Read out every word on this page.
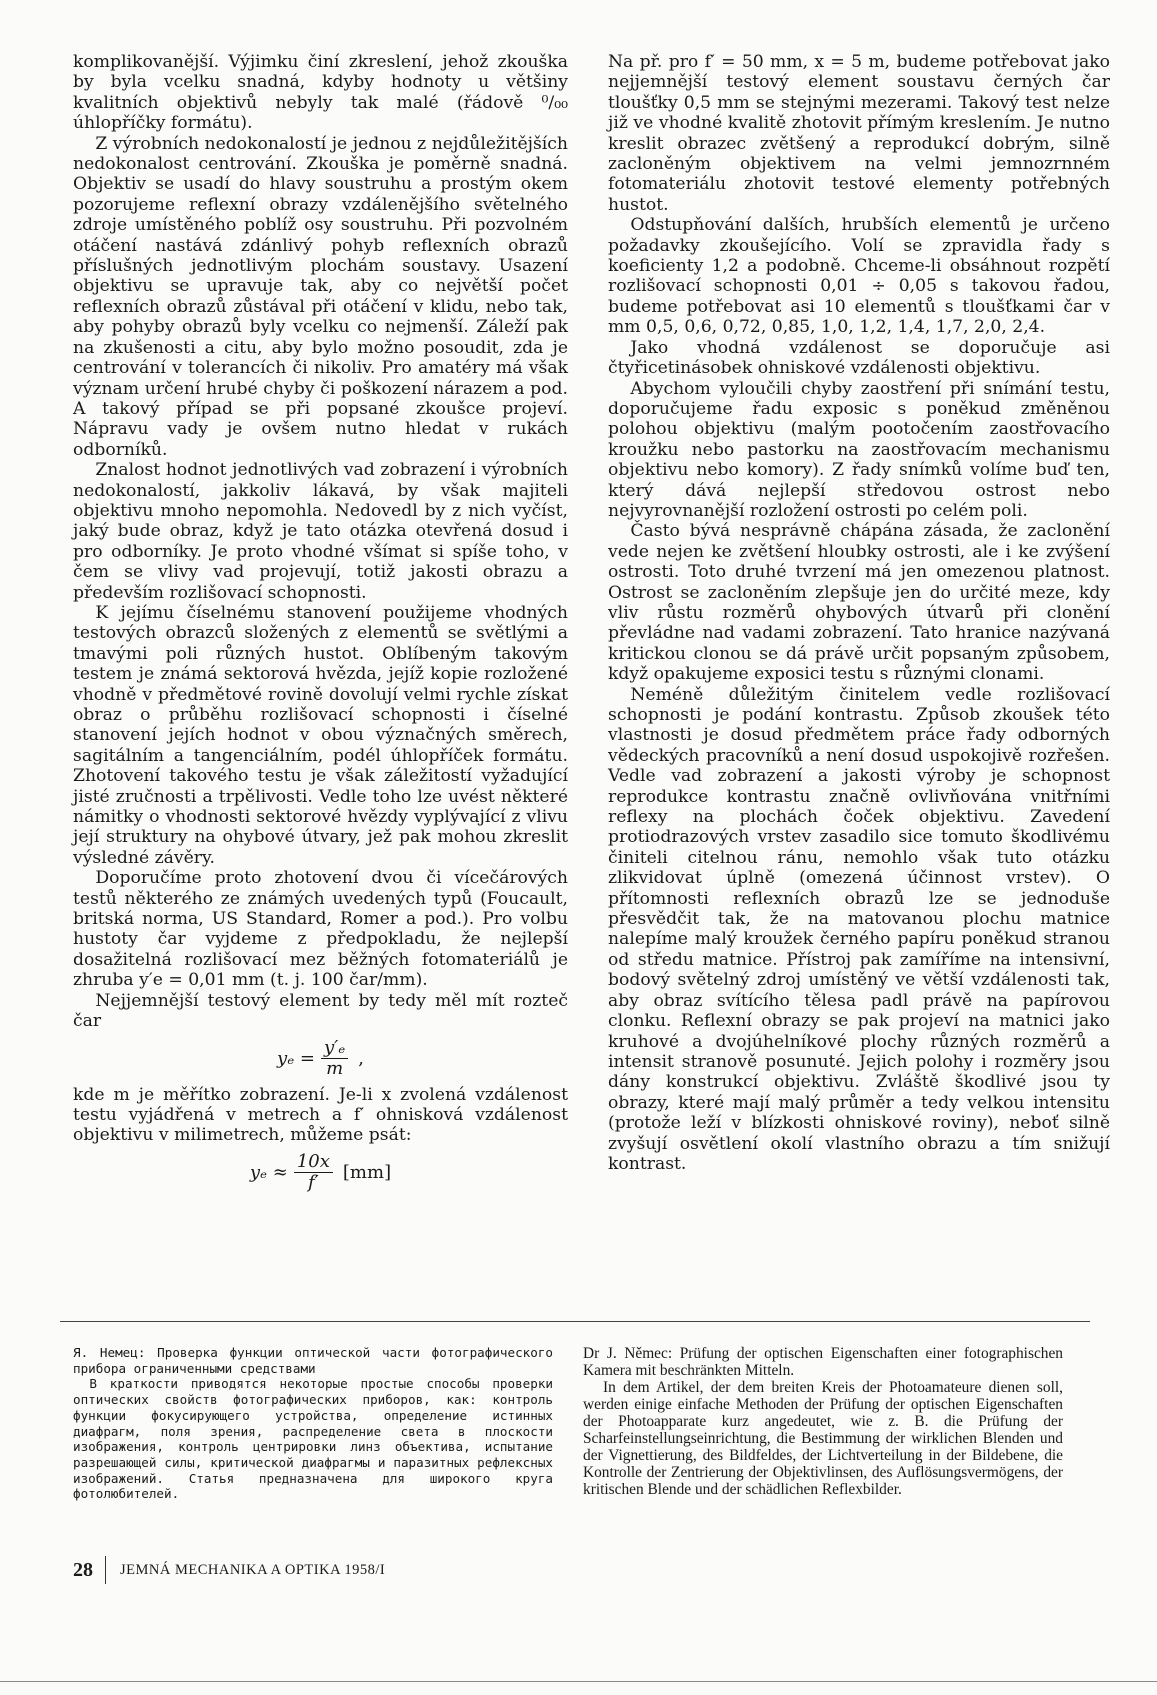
komplikovanější. Výjimku činí zkreslení, jehož zkouška by byla vcelku snadná, kdyby hodnoty u většiny kvalitních objektivů nebyly tak malé (řádově ⁰/₀₀ úhlopříčky formátu).

Z výrobních nedokonalostí je jednou z nejdůležitějších nedokonalost centrování. Zkouška je poměrně snadná. Objektiv se usadí do hlavy soustruhu a prostým okem pozorujeme reflexní obrazy vzdálenějšího světelného zdroje umístěného poblíž osy soustruhu. Při pozvolném otáčení nastává zdánlivý pohyb reflexních obrazů příslušných jednotlivým plochám soustavy. Usazení objektivu se upravuje tak, aby co největší počet reflexních obrazů zůstával při otáčení v klidu, nebo tak, aby pohyby obrazů byly vcelku co nejmenší. Záleží pak na zkušenosti a citu, aby bylo možno posoudit, zda je centrování v tolerancích či nikoliv. Pro amatéry má však význam určení hrubé chyby či poškození nárazem a pod. A takový případ se při popsané zkoušce projeví. Nápravu vady je ovšem nutno hledat v rukách odborníků.

Znalost hodnot jednotlivých vad zobrazení i výrobních nedokonalostí, jakkoliv lákavá, by však majiteli objektivu mnoho nepomohla. Nedovedl by z nich vyčíst, jaký bude obraz, když je tato otázka otevřená dosud i pro odborníky. Je proto vhodné všímat si spíše toho, v čem se vlivy vad projevují, totiž jakosti obrazu a především rozlišovací schopnosti.

K jejímu číselnému stanovení použijeme vhodných testových obrazců složených z elementů se světlými a tmavými poli různých hustot. Oblíbeným takovým testem je známá sektorová hvězda, jejíž kopie rozložené vhodně v předmětové rovině dovolují velmi rychle získat obraz o průběhu rozlišovací schopnosti i číselné stanovení jejích hodnot v obou význačných směrech, sagitálním a tangenciálním, podél úhlopříček formátu. Zhotovení takového testu je však záležitostí vyžadující jisté zručnosti a trpělivosti. Vedle toho lze uvést některé námitky o vhodnosti sektorové hvězdy vyplývající z vlivu její struktury na ohybové útvary, jež pak mohou zkreslit výsledné závěry.

Doporučíme proto zhotovení dvou či vícečárových testů některého ze známých uvedených typů (Foucault, britská norma, US Standard, Romer a pod.). Pro volbu hustoty čar vyjdeme z předpokladu, že nejlepší dosažitelná rozlišovací mez běžných fotomateriálů je zhruba y′e = 0,01 mm (t. j. 100 čar/mm).

Nejjemnější testový element by tedy měl mít rozteč čar

$y_e = \frac{\text{y′ₑ}}{m}$ ,

kde m je měřítko zobrazení. Je-li x zvolená vzdálenost testu vyjádřená v metrech a f′ ohnisková vzdálenost objektivu v milimetrech, můžeme psát:

$y_e \approx \frac{10x}{f'} [mm]$

Na př. pro f′ = 50 mm, x = 5 m, budeme potřebovat jako nejjemnější testový element soustavu černých čar tloušťky 0,5 mm se stejnými mezerami. Takový test nelze již ve vhodné kvalitě zhotovit přímým kreslením. Je nutno kreslit obrazec zvětšený a reprodukcí dobrým, silně zacloněným objektivem na velmi jemnozrnném fotomateriálu zhotovit testové elementy potřebných hustot.

Odstupňování dalších, hrubších elementů je určeno požadavky zkoušejícího. Volí se zpravidla řady s koeficienty 1,2 a podobně. Chceme-li obsáhnout rozpětí rozlišovací schopnosti 0,01 ÷ 0,05 s takovou řadou, budeme potřebovat asi 10 elementů s tloušťkami čar v mm 0,5, 0,6, 0,72, 0,85, 1,0, 1,2, 1,4, 1,7, 2,0, 2,4.

Jako vhodná vzdálenost se doporučuje asi čtyřicetinásobek ohniskové vzdálenosti objektivu.

Abychom vyloučili chyby zaostření při snímání testu, doporučujeme řadu exposic s poněkud změněnou polohou objektivu (malým pootočením zaostřovacího kroužku nebo pastorku na zaostřovacím mechanismu objektivu nebo komory). Z řady snímků volíme buď ten, který dává nejlepší středovou ostrost nebo nejvyrovnanější rozložení ostrosti po celém poli.

Často bývá nesprávně chápána zásada, že zaclonění vede nejen ke zvětšení hloubky ostrosti, ale i ke zvýšení ostrosti. Toto druhé tvrzení má jen omezenou platnost. Ostrost se zacloněním zlepšuje jen do určité meze, kdy vliv růstu rozměrů ohybových útvarů při clonění převládne nad vadami zobrazení. Tato hranice nazývaná kritickou clonou se dá právě určit popsaným způsobem, když opakujeme exposici testu s různými clonami.

Neméně důležitým činitelem vedle rozlišovací schopnosti je podání kontrastu. Způsob zkoušek této vlastnosti je dosud předmětem práce řady odborných vědeckých pracovníků a není dosud uspokojivě rozřešen. Vedle vad zobrazení a jakosti výroby je schopnost reprodukce kontrastu značně ovlivňována vnitřními reflexy na plochách čoček objektivu. Zavedení protiodrazových vrstev zasadilo sice tomuto škodlivému činiteli citelnou ránu, nemohlo však tuto otázku zlikvidovat úplně (omezená účinnost vrstev). O přítomnosti reflexních obrazů lze se jednoduše přesvědčit tak, že na matovanou plochu matnice nalepíme malý kroužek černého papíru poněkud stranou od středu matnice. Přístroj pak zamíříme na intensivní, bodový světelný zdroj umístěný ve větší vzdálenosti tak, aby obraz svítícího tělesa padl právě na papírovou clonku. Reflexní obrazy se pak projeví na matnici jako kruhové a dvojúhelníkové plochy různých rozměrů a intensit stranově posunuté. Jejich polohy i rozměry jsou dány konstrukcí objektivu. Zvláště škodlivé jsou ty obrazy, které mají malý průměr a tedy velkou intensitu (protože leží v blízkosti ohniskové roviny), neboť silně zvyšují osvětlení okolí vlastního obrazu a tím snižují kontrast.

Я. Немец: Проверка функции оптической части фотографического прибора ограниченными средствами

В краткости приводятся некоторые простые способы проверки оптических свойств фотографических приборов, как: контроль функции фокусирующего устройства, определение истинных диафрагм, поля зрения, распределение света в плоскости изображения, контроль центрировки линз объектива, испытание разрешающей силы, критической диафрагмы и паразитных рефлексных изображений. Статья предназначена для широкого круга фотолюбителей.

Dr J. Němec: Prüfung der optischen Eigenschaften einer fotographischen Kamera mit beschränkten Mitteln.

In dem Artikel, der dem breiten Kreis der Photoamateure dienen soll, werden einige einfache Methoden der Prüfung der optischen Eigenschaften der Photoapparate kurz angedeutet, wie z. B. die Prüfung der Scharfeinstellungseinrichtung, die Bestimmung der wirklichen Blenden und der Vignettierung, des Bildfeldes, der Lichtverteilung in der Bildebene, die Kontrolle der Zentrierung der Objektivlinsen, des Auflösungsvermögens, der kritischen Blende und der schädlichen Reflexbilder.

28 JEMNÁ MECHANIKA A OPTIKA 1958/I
